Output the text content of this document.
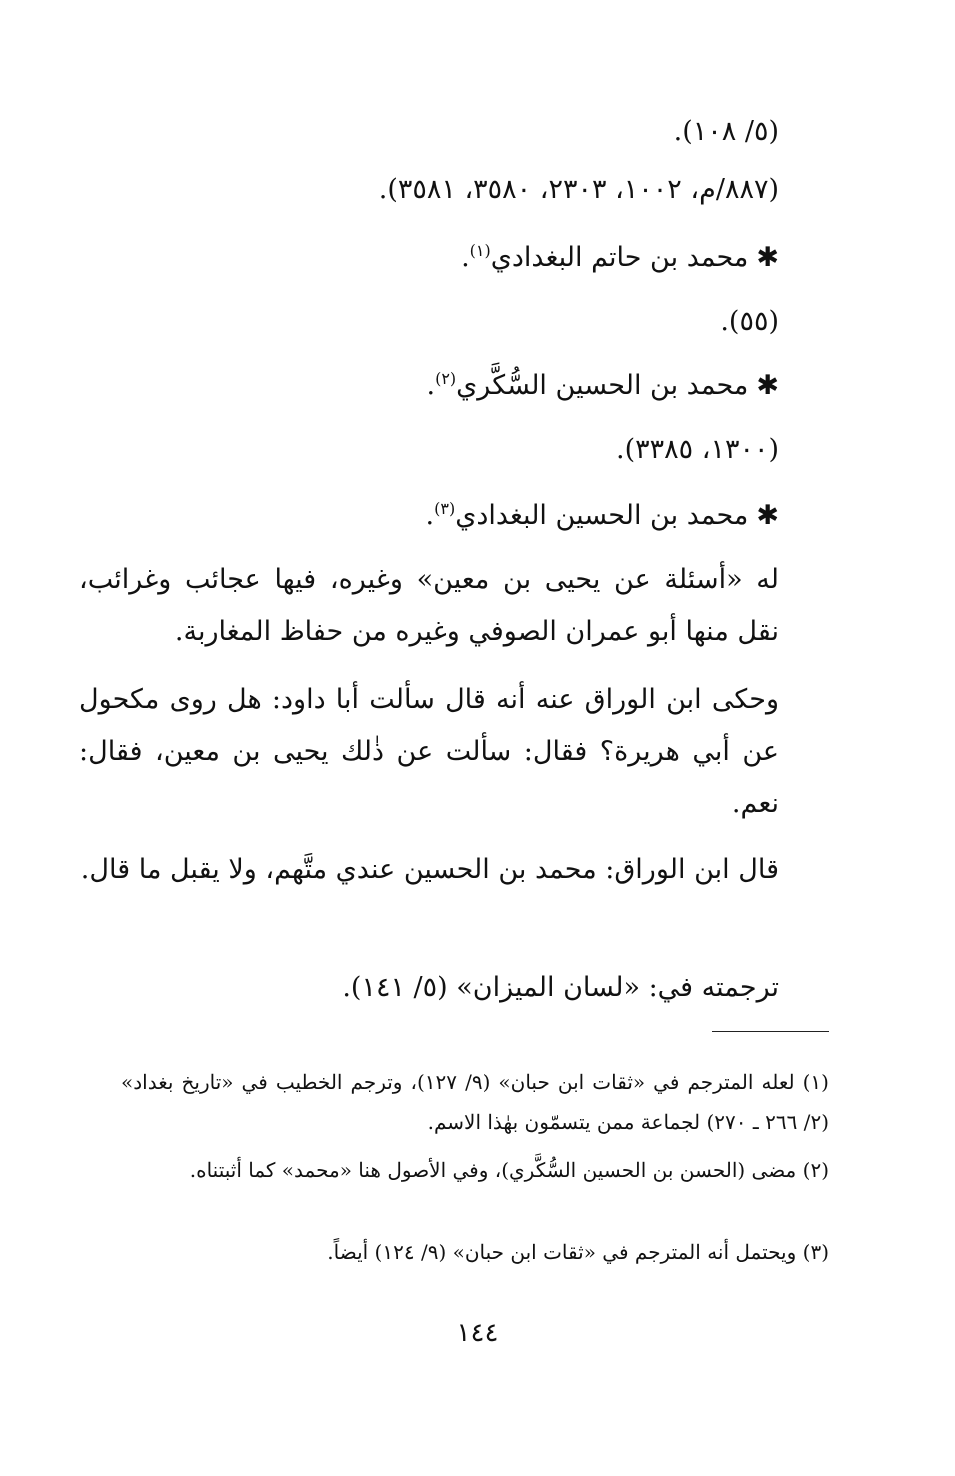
(٥/ ١٠٨).
(٨٨٧/م، ١٠٠٢، ٢٣٠٣، ٣٥٨٠، ٣٥٨١).
✱محمد بن حاتم البغدادي$^{(١)}$.
(٥٥).
✱محمد بن الحسين السُّكَّري$^{(٢)}$.
(١٣٠٠، ٣٣٨٥).
✱محمد بن الحسين البغدادي$^{(٣)}$.
له «أسئلة عن يحيى بن معين» وغيره، فيها عجائب وغرائب، نقل منها أبو عمران الصوفي وغيره من حفاظ المغاربة.
وحكى ابن الوراق عنه أنه قال سألت أبا داود: هل روى مكحول عن أبي هريرة؟ فقال: سألت عن ذٰلك يحيى بن معين، فقال: نعم.
قال ابن الوراق: محمد بن الحسين عندي متَّهم، ولا يقبل ما قال.
ترجمته في: «لسان الميزان» (٥/ ١٤١).
(١) لعله المترجم في «ثقات ابن حبان» (٩/ ١٢٧)، وترجم الخطيب في «تاريخ بغداد» (٢/ ٢٦٦ ـ ٢٧٠) لجماعة ممن يتسمّون بهٰذا الاسم.
(٢) مضى (الحسن بن الحسين السُّكَّري)، وفي الأصول هنا «محمد» كما أثبتناه.
(٣) ويحتمل أنه المترجم في «ثقات ابن حبان» (٩/ ١٢٤) أيضاً.
١٤٤
